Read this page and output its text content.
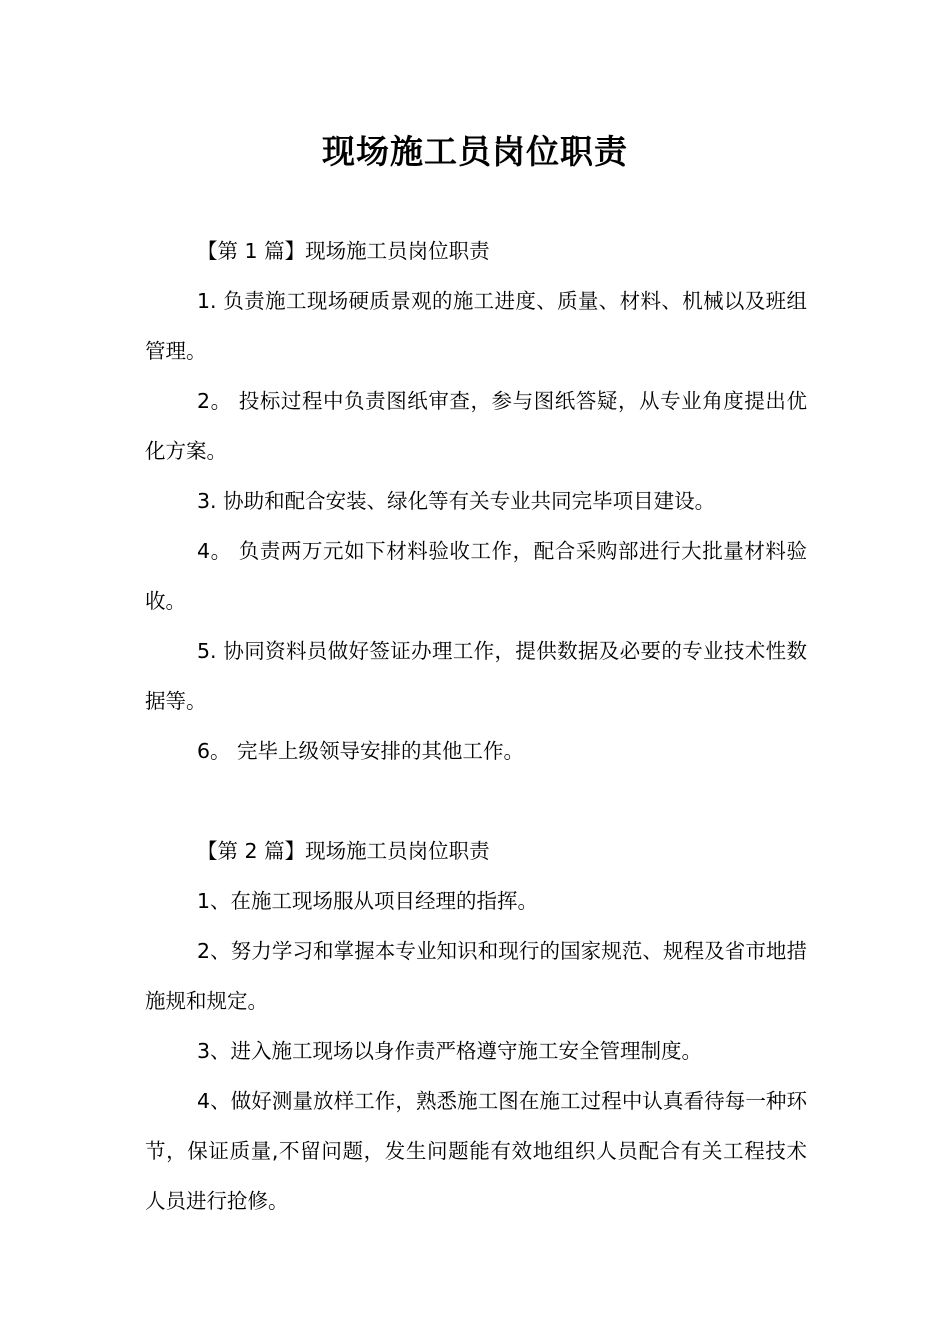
现场施工员岗位职责

【第 1 篇】现场施工员岗位职责

1. 负责施工现场硬质景观的施工进度、质量、材料、机械以及班组管理。

2。 投标过程中负责图纸审查，参与图纸答疑，从专业角度提出优化方案。

3. 协助和配合安装、绿化等有关专业共同完毕项目建设。

4。 负责两万元如下材料验收工作，配合采购部进行大批量材料验收。

5. 协同资料员做好签证办理工作，提供数据及必要的专业技术性数据等。

6。 完毕上级领导安排的其他工作。

【第 2 篇】现场施工员岗位职责

1、在施工现场服从项目经理的指挥。

2、努力学习和掌握本专业知识和现行的国家规范、规程及省市地措施规和规定。

3、进入施工现场以身作责严格遵守施工安全管理制度。

4、做好测量放样工作，熟悉施工图在施工过程中认真看待每一种环节，保证质量,不留问题，发生问题能有效地组织人员配合有关工程技术人员进行抢修。
